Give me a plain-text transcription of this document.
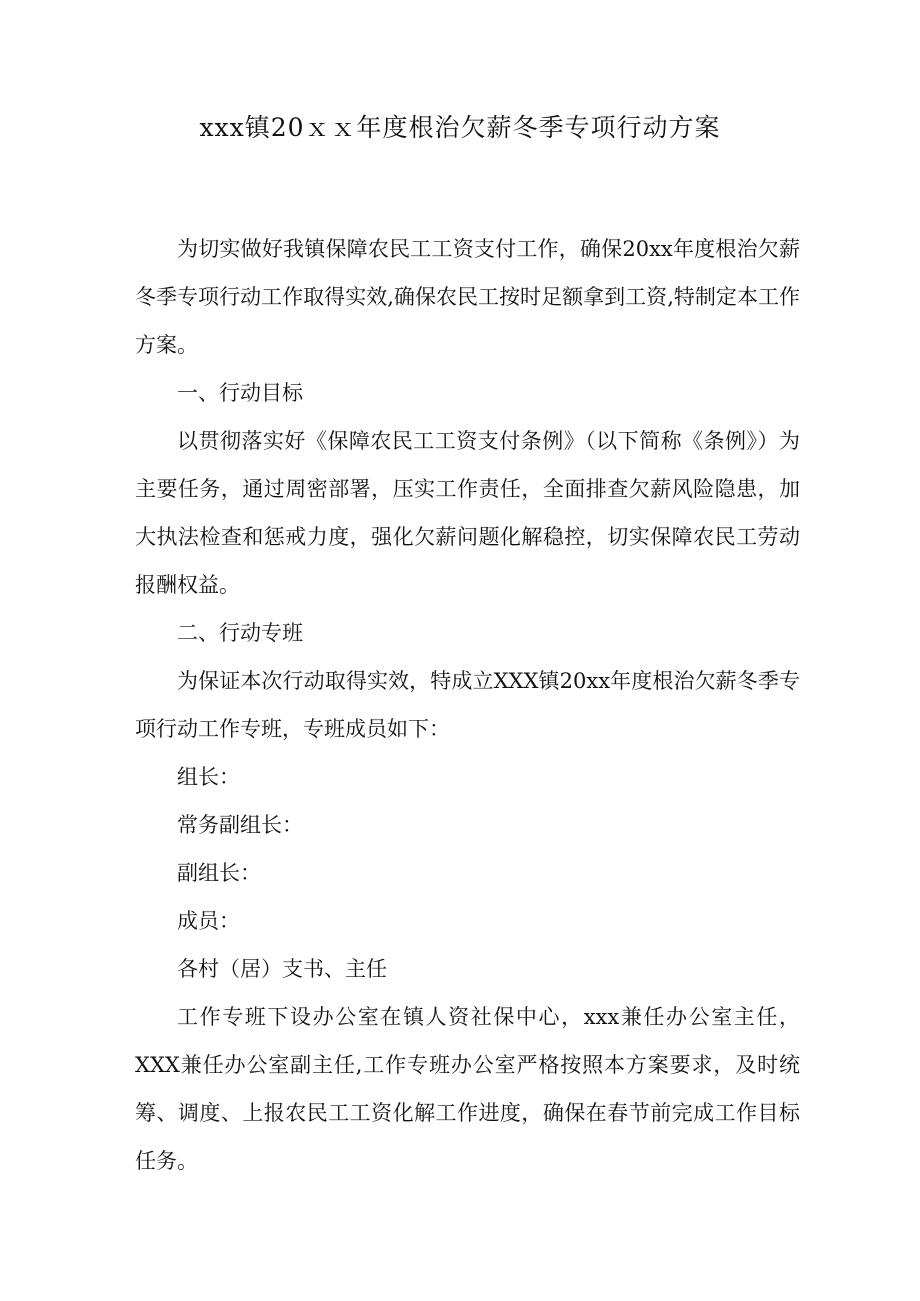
xxx镇20ｘｘ年度根治欠薪冬季专项行动方案

为切实做好我镇保障农民工工资支付工作，确保20xx年度根治欠薪冬季专项行动工作取得实效,确保农民工按时足额拿到工资,特制定本工作方案。

一、行动目标

以贯彻落实好《保障农民工工资支付条例》（以下简称《条例》）为主要任务，通过周密部署，压实工作责任，全面排查欠薪风险隐患，加大执法检查和惩戒力度，强化欠薪问题化解稳控，切实保障农民工劳动报酬权益。

二、行动专班

为保证本次行动取得实效，特成立XXX镇20xx年度根治欠薪冬季专项行动工作专班，专班成员如下：

组长：

常务副组长：

副组长：

成员：

各村（居）支书、主任

工作专班下设办公室在镇人资社保中心，xxx兼任办公室主任，XXX兼任办公室副主任,工作专班办公室严格按照本方案要求，及时统筹、调度、上报农民工工资化解工作进度，确保在春节前完成工作目标任务。
